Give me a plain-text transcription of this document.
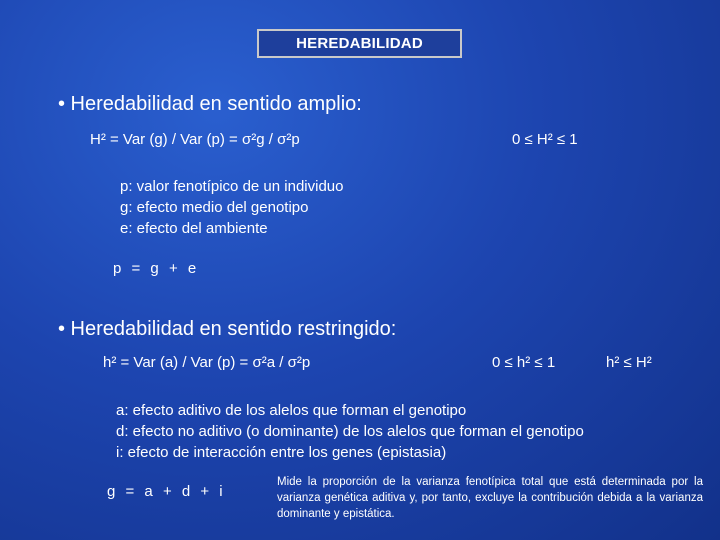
HEREDABILIDAD
• Heredabilidad en sentido amplio:
H² = Var (g) / Var (p) = σ²g / σ²p	0 ≤ H² ≤ 1
p: valor fenotípico de un individuo
g: efecto medio del genotipo
e: efecto del ambiente
p = g + e
• Heredabilidad en sentido restringido:
h² = Var (a) / Var (p) = σ²a / σ²p	0 ≤ h² ≤ 1	h² ≤ H²
a: efecto aditivo de los alelos que forman el genotipo
d: efecto no aditivo (o dominante) de los alelos que forman el genotipo
i: efecto de interacción entre los genes (epistasia)
g = a + d + i
Mide la proporción de la varianza fenotípica total que está determinada por la varianza genética aditiva y, por tanto, excluye la contribución debida a la varianza dominante y epistática.
